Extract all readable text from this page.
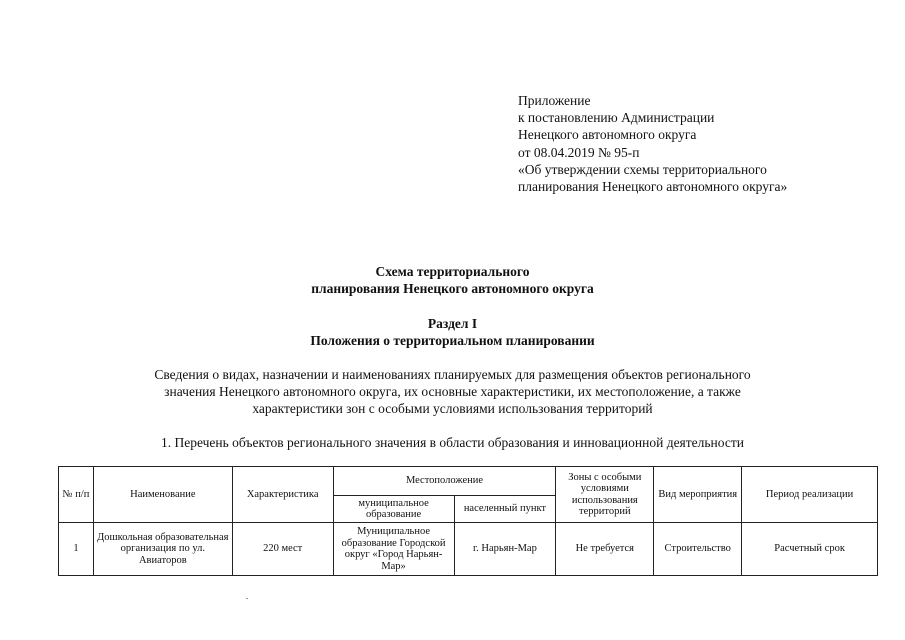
Приложение
к постановлению Администрации
Ненецкого автономного округа
от 08.04.2019 № 95-п
«Об утверждении схемы территориального
планирования Ненецкого автономного округа»
Схема территориального
планирования Ненецкого автономного округа
Раздел I
Положения о территориальном планировании
Сведения о видах, назначении и наименованиях планируемых для размещения объектов регионального
значения Ненецкого автономного округа, их основные характеристики, их местоположение, а также
характеристики зон с особыми условиями использования территорий
1. Перечень объектов регионального значения в области образования и инновационной деятельности
№ п/п	Наименование	Характеристика	Местоположение		Зоны с особыми условиями использования территорий	Вид мероприятия	Период реализации
			муниципальное образование	населенный пункт			
1	Дошкольная образовательная организация по ул. Авиаторов	220 мест	Муниципальное образование Городской округ «Город Нарьян-Мар»	г. Нарьян-Мар	Не требуется	Строительство	Расчетный срок
